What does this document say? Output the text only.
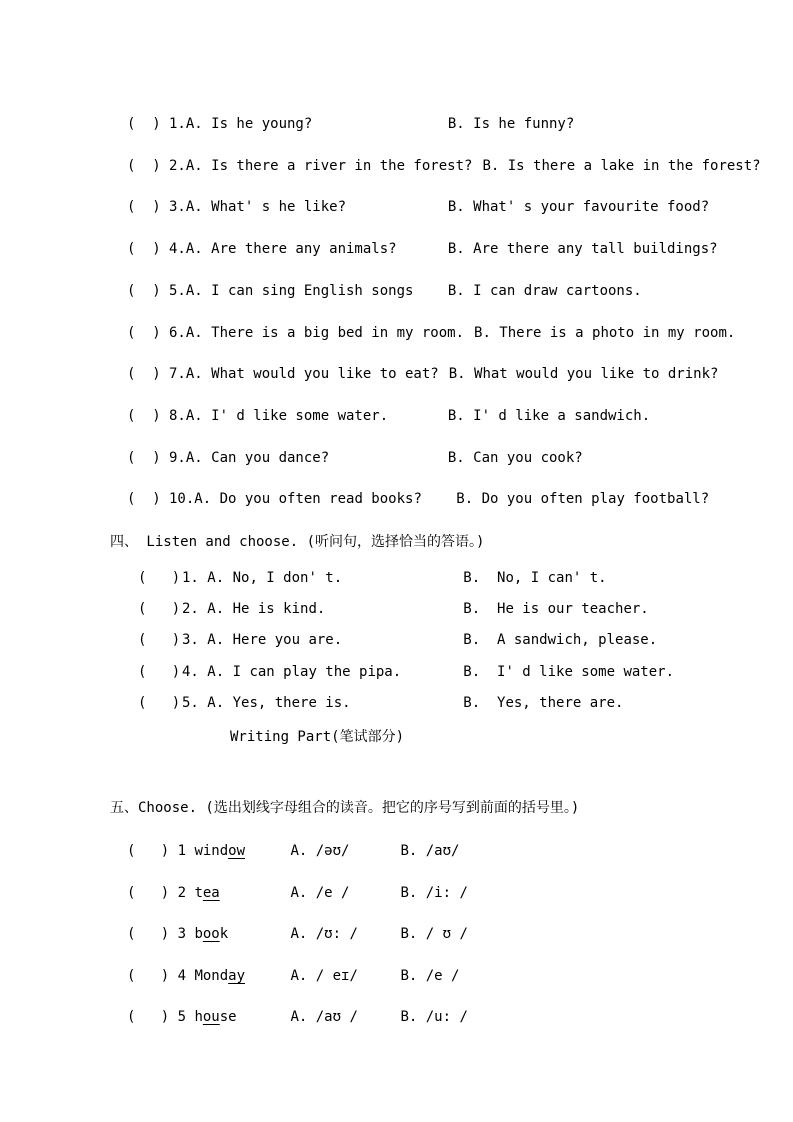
(  ) 1. A. Is he young?	B. Is he funny?
(  ) 2. A. Is there a river in the forest? B. Is there a lake in the forest?
(  ) 3. A. What' s he like?	B. What' s your favourite food?
(  ) 4. A. Are there any animals?	B. Are there any tall buildings?
(  ) 5. A. I can sing English songs	B. I can draw cartoons.
(  ) 6. A. There is a big bed in my room. B. There is a photo in my room.
(  ) 7. A. What would you like to eat? B. What would you like to drink?
(  ) 8. A. I' d like some water.	B. I' d like a sandwich.
(  ) 9. A. Can you dance?	B. Can you cook?
(  ) 10. A. Do you often read books?	B. Do you often play football?
四、 Listen and choose. (听问句，选择恰当的答语。)
(   ) 1. A. No, I don' t.	B.  No, I can' t.
(   ) 2. A. He is kind.	B.  He is our teacher.
(   ) 3. A. Here you are.	B.  A sandwich, please.
(   ) 4. A. I can play the pipa.	B.  I' d like some water.
(   ) 5. A. Yes, there is.	B.  Yes, there are.
Writing Part(笔试部分)
五、Choose. (选出划线字母组合的读音。把它的序号写到前面的括号里。)
(   ) 1 window	A. /əʊ/	B. /aʊ/
(   ) 2 tea	A. /e /	B. /i: /
(   ) 3 book	A. /ʊ: /	B. / ʊ /
(   ) 4 Monday	A. / eɪ/	B. /e /
(   ) 5 house	A. /aʊ /	B. /u: /
